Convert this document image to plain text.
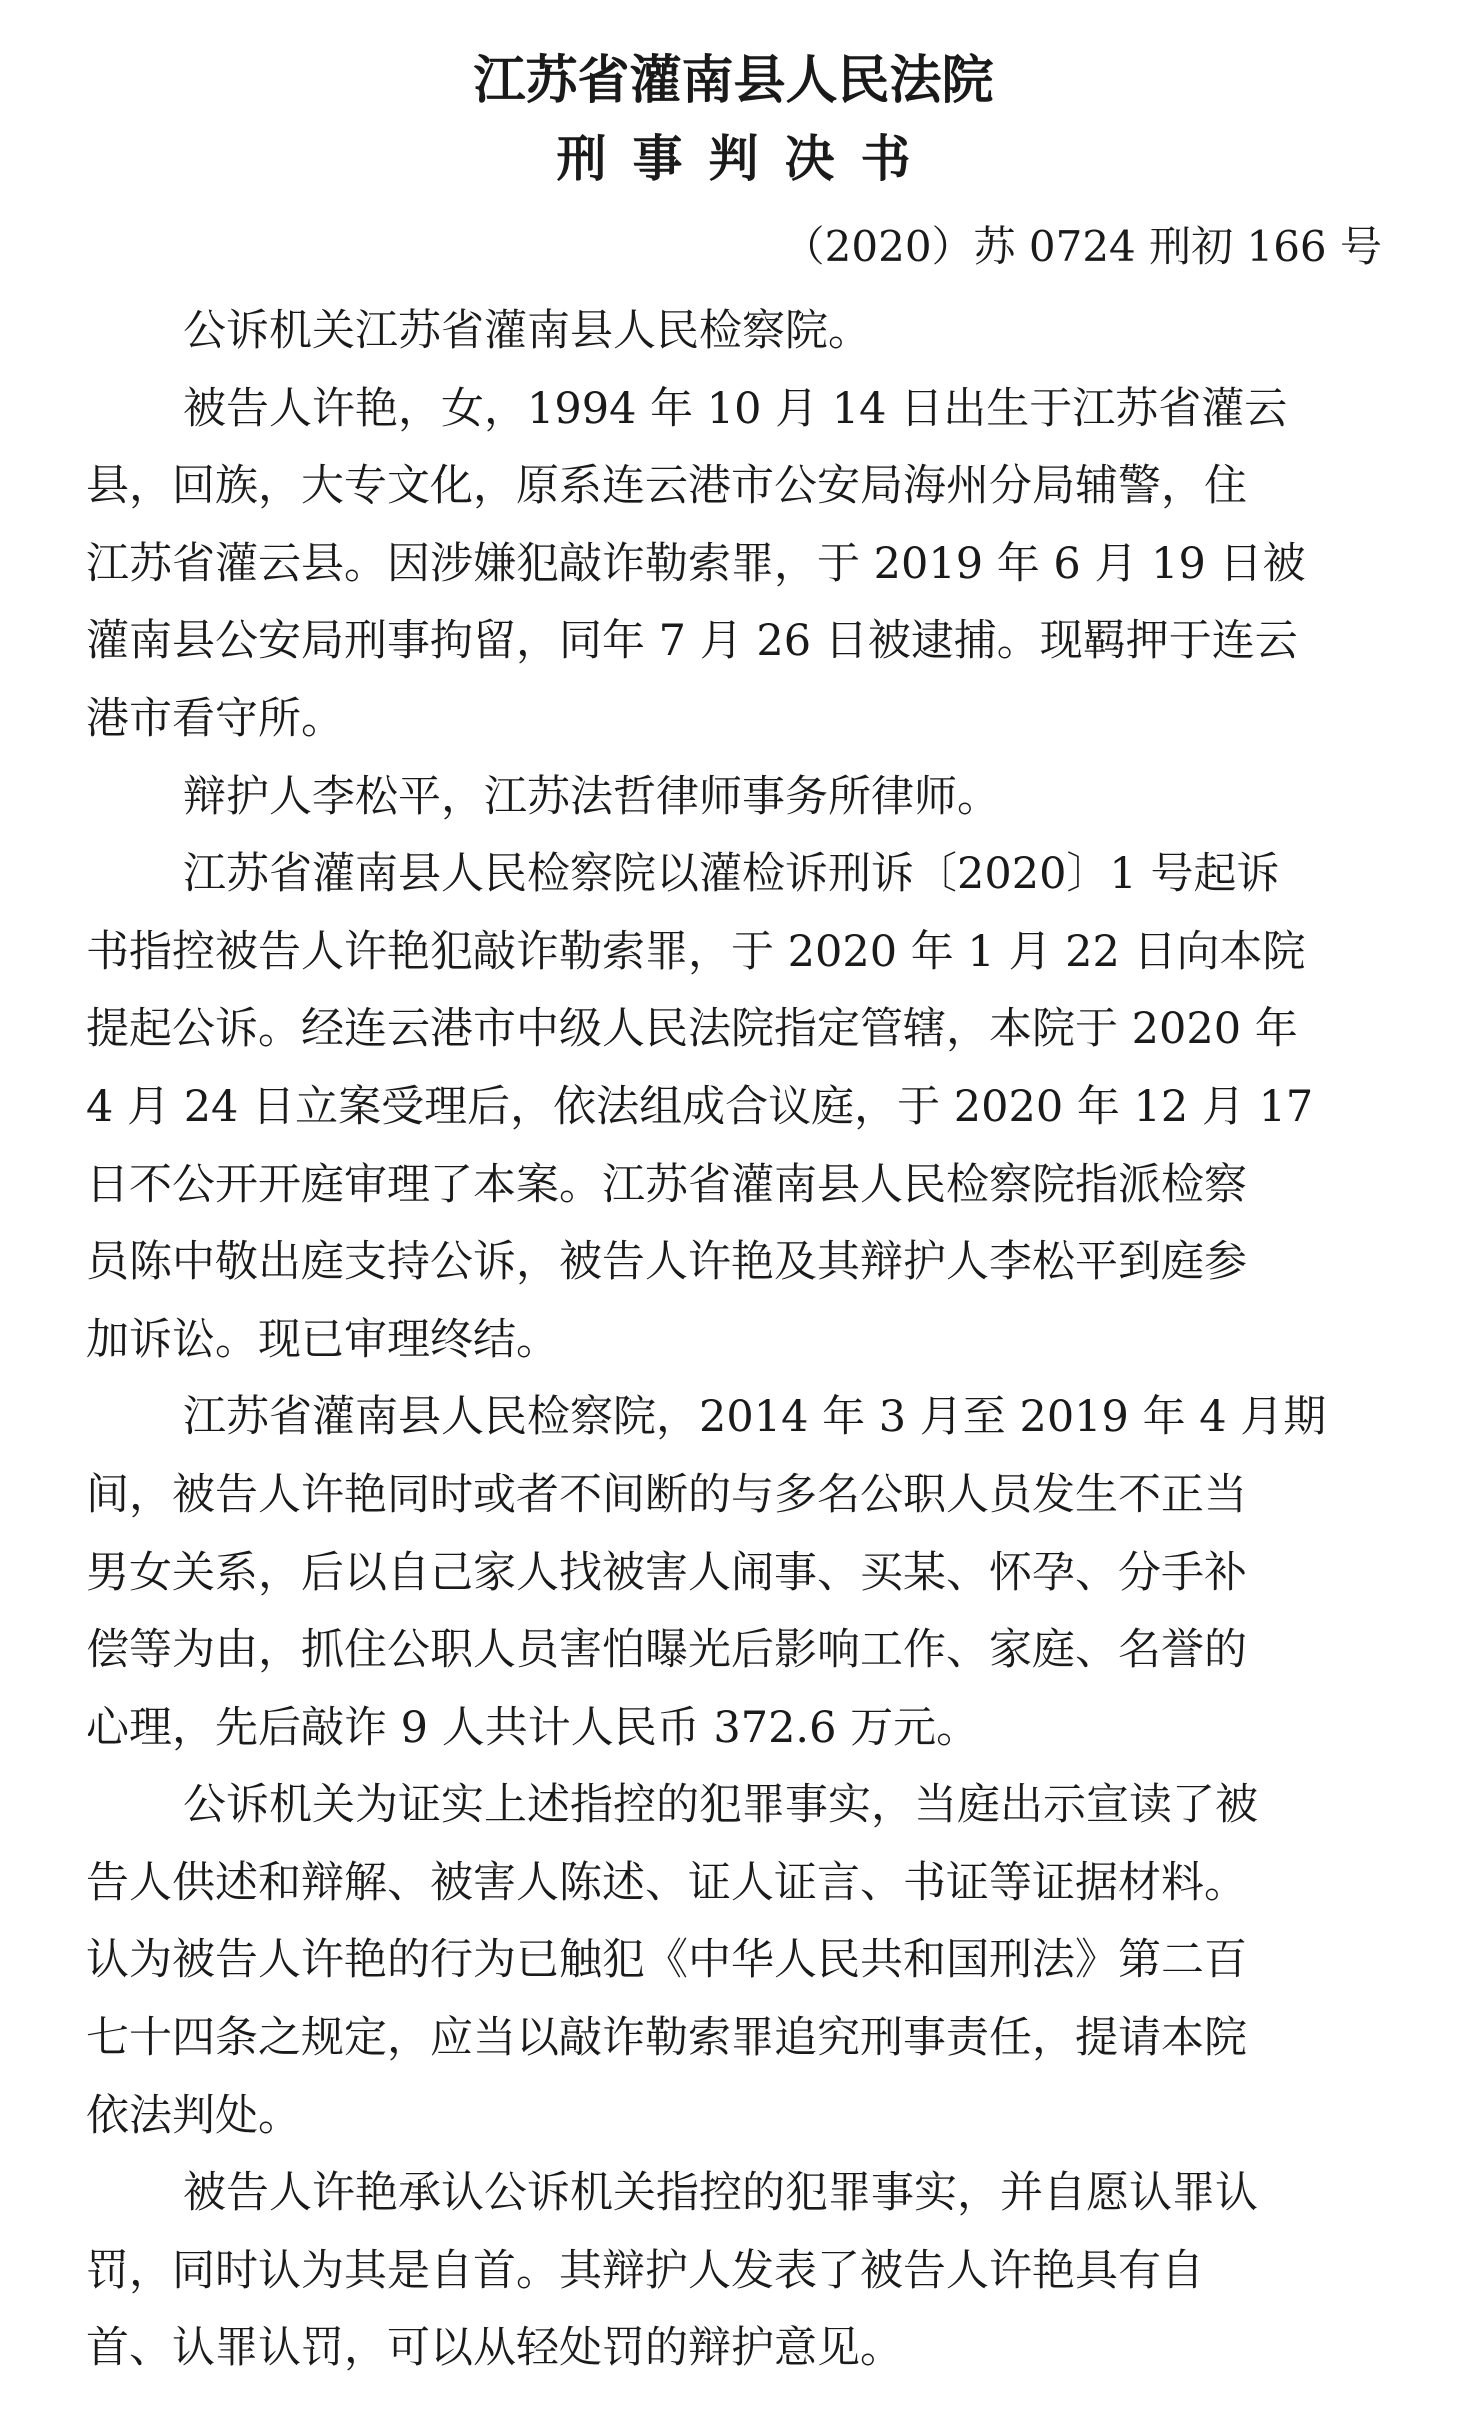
江苏省灌南县人民法院
刑事判决书
（2020）苏 0724 刑初 166 号
公诉机关江苏省灌南县人民检察院。
被告人许艳，女，1994 年 10 月 14 日出生于江苏省灌云
县，回族，大专文化，原系连云港市公安局海州分局辅警，住
江苏省灌云县。因涉嫌犯敲诈勒索罪，于 2019 年 6 月 19 日被
灌南县公安局刑事拘留，同年 7 月 26 日被逮捕。现羁押于连云
港市看守所。
辩护人李松平，江苏法哲律师事务所律师。
江苏省灌南县人民检察院以灌检诉刑诉〔2020〕1 号起诉
书指控被告人许艳犯敲诈勒索罪，于 2020 年 1 月 22 日向本院
提起公诉。经连云港市中级人民法院指定管辖，本院于 2020 年
4 月 24 日立案受理后，依法组成合议庭，于 2020 年 12 月 17
日不公开开庭审理了本案。江苏省灌南县人民检察院指派检察
员陈中敬出庭支持公诉，被告人许艳及其辩护人李松平到庭参
加诉讼。现已审理终结。
江苏省灌南县人民检察院，2014 年 3 月至 2019 年 4 月期
间，被告人许艳同时或者不间断的与多名公职人员发生不正当
男女关系，后以自己家人找被害人闹事、买某、怀孕、分手补
偿等为由，抓住公职人员害怕曝光后影响工作、家庭、名誉的
心理，先后敲诈 9 人共计人民币 372.6 万元。
公诉机关为证实上述指控的犯罪事实，当庭出示宣读了被
告人供述和辩解、被害人陈述、证人证言、书证等证据材料。
认为被告人许艳的行为已触犯《中华人民共和国刑法》第二百
七十四条之规定，应当以敲诈勒索罪追究刑事责任，提请本院
依法判处。
被告人许艳承认公诉机关指控的犯罪事实，并自愿认罪认
罚，同时认为其是自首。其辩护人发表了被告人许艳具有自
首、认罪认罚，可以从轻处罚的辩护意见。
